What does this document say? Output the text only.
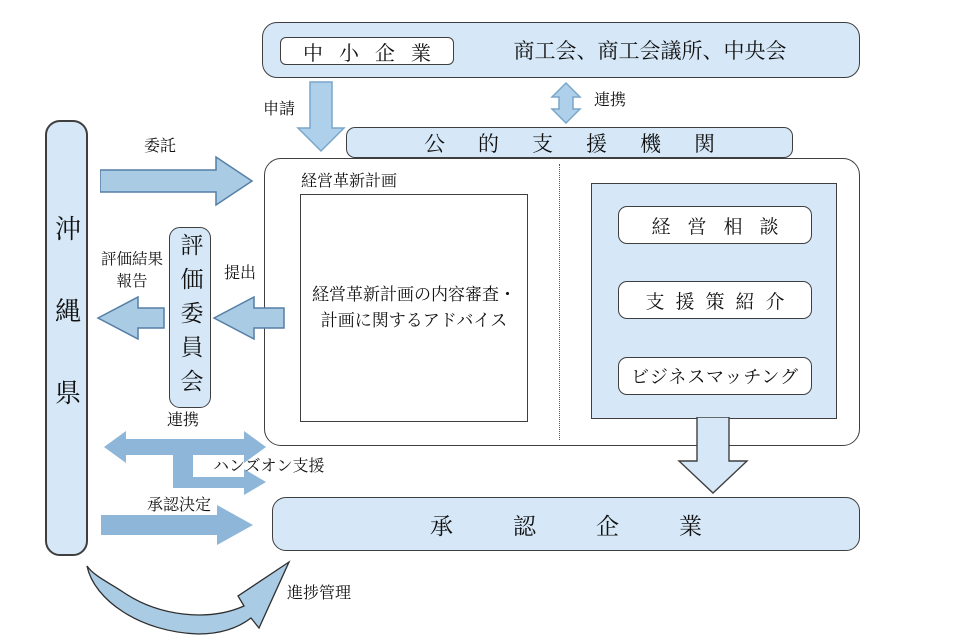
中小企業	商工会、商工会議所、中央会
申請
連携
公的支援機関
経営革新計画
経営革新計画の内容審査・
計画に関するアドバイス
経営相談
支援策紹介
ビジネスマッチング
承認企業
沖縄県
委託
評価委員会
評価結果
報告	提出
連携
ハンズオン支援
承認決定
進捗管理
